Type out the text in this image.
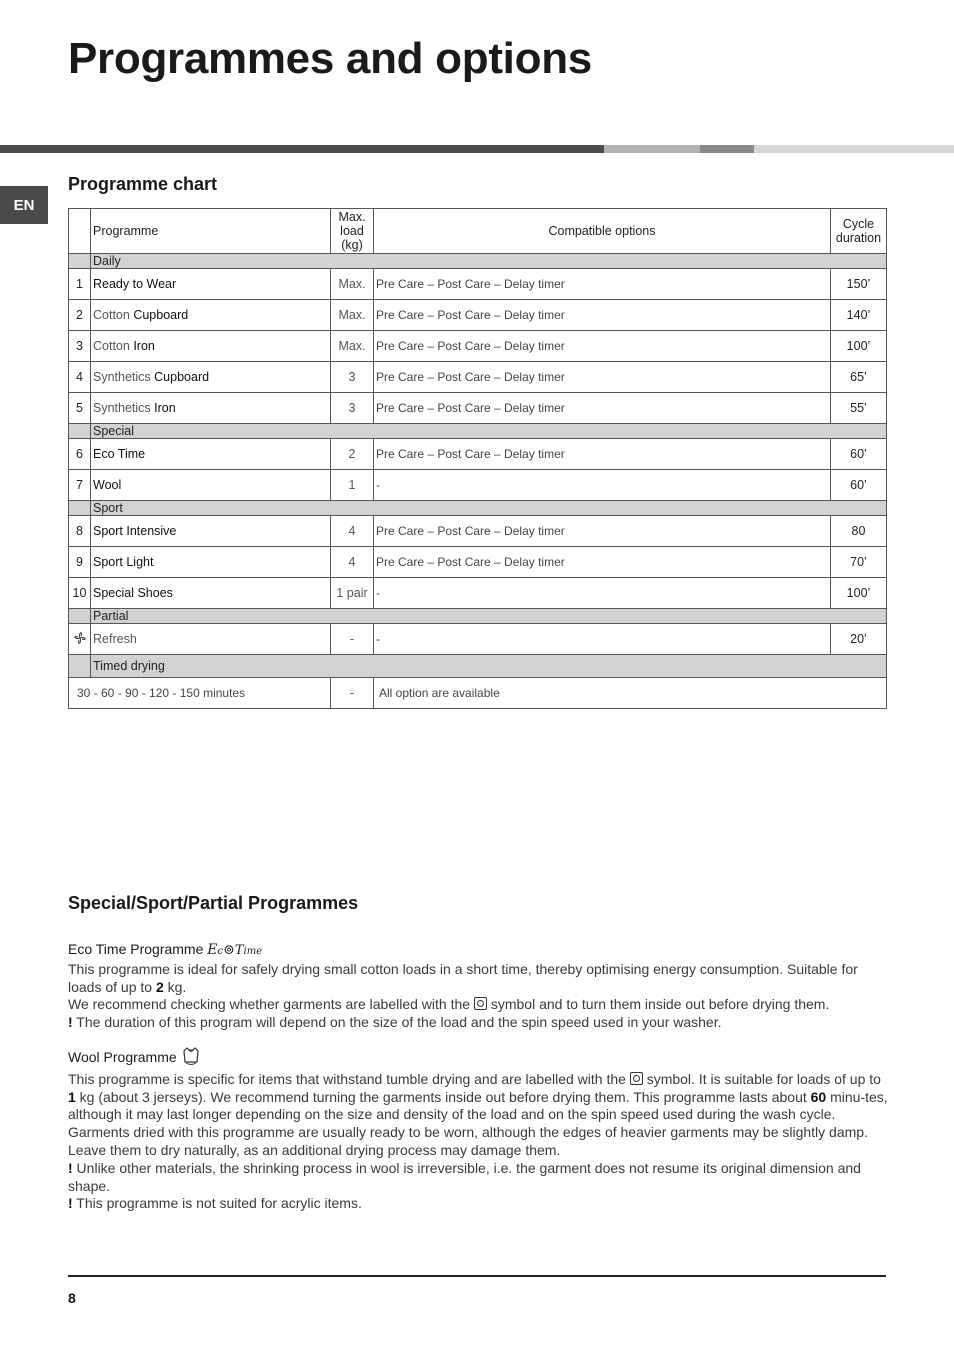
Programmes and options
EN
Programme chart
	Programme	Max. load (kg)	Compatible options	Cycle duration
	Daily			
1	Ready to Wear	Max.	Pre Care – Post Care – Delay timer	150’
2	Cotton Cupboard	Max.	Pre Care – Post Care – Delay timer	140’
3	Cotton Iron	Max.	Pre Care – Post Care – Delay timer	100’
4	Synthetics Cupboard	3	Pre Care – Post Care – Delay timer	65’
5	Synthetics Iron	3	Pre Care – Post Care – Delay timer	55’
	Special			
6	Eco Time	2	Pre Care – Post Care – Delay timer	60’
7	Wool	1	-	60’
	Sport			
8	Sport Intensive	4	Pre Care – Post Care – Delay timer	80
9	Sport Light	4	Pre Care – Post Care – Delay timer	70’
10	Special Shoes	1 pair	-	100’
	Partial			
	Refresh	-	-	20’
	Timed drying			
30 - 60 - 90 - 120 - 150 minutes		-	All option are available	
Special/Sport/Partial Programmes

Eco Time Programme Ec⊚Time

This programme is ideal for safely drying small cotton loads in a short time, thereby optimising energy consumption. Suitable for loads of up to 2 kg.

We recommend checking whether garments are labelled with the  symbol and to turn them inside out before drying them.

! The duration of this program will depend on the size of the load and the spin speed used in your washer.

Wool Programme

This programme is specific for items that withstand tumble drying and are labelled with the  symbol. It is suitable for loads of up to 1 kg (about 3 jerseys). We recommend turning the garments inside out before drying them. This programme lasts about 60 minu-tes, although it may last longer depending on the size and density of the load and on the spin speed used during the wash cycle. Garments dried with this programme are usually ready to be worn, although the edges of heavier garments may be slightly damp. Leave them to dry naturally, as an additional drying process may damage them.

! Unlike other materials, the shrinking process in wool is irreversible, i.e. the garment does not resume its original dimension and shape.

! This programme is not suited for acrylic items.

8
